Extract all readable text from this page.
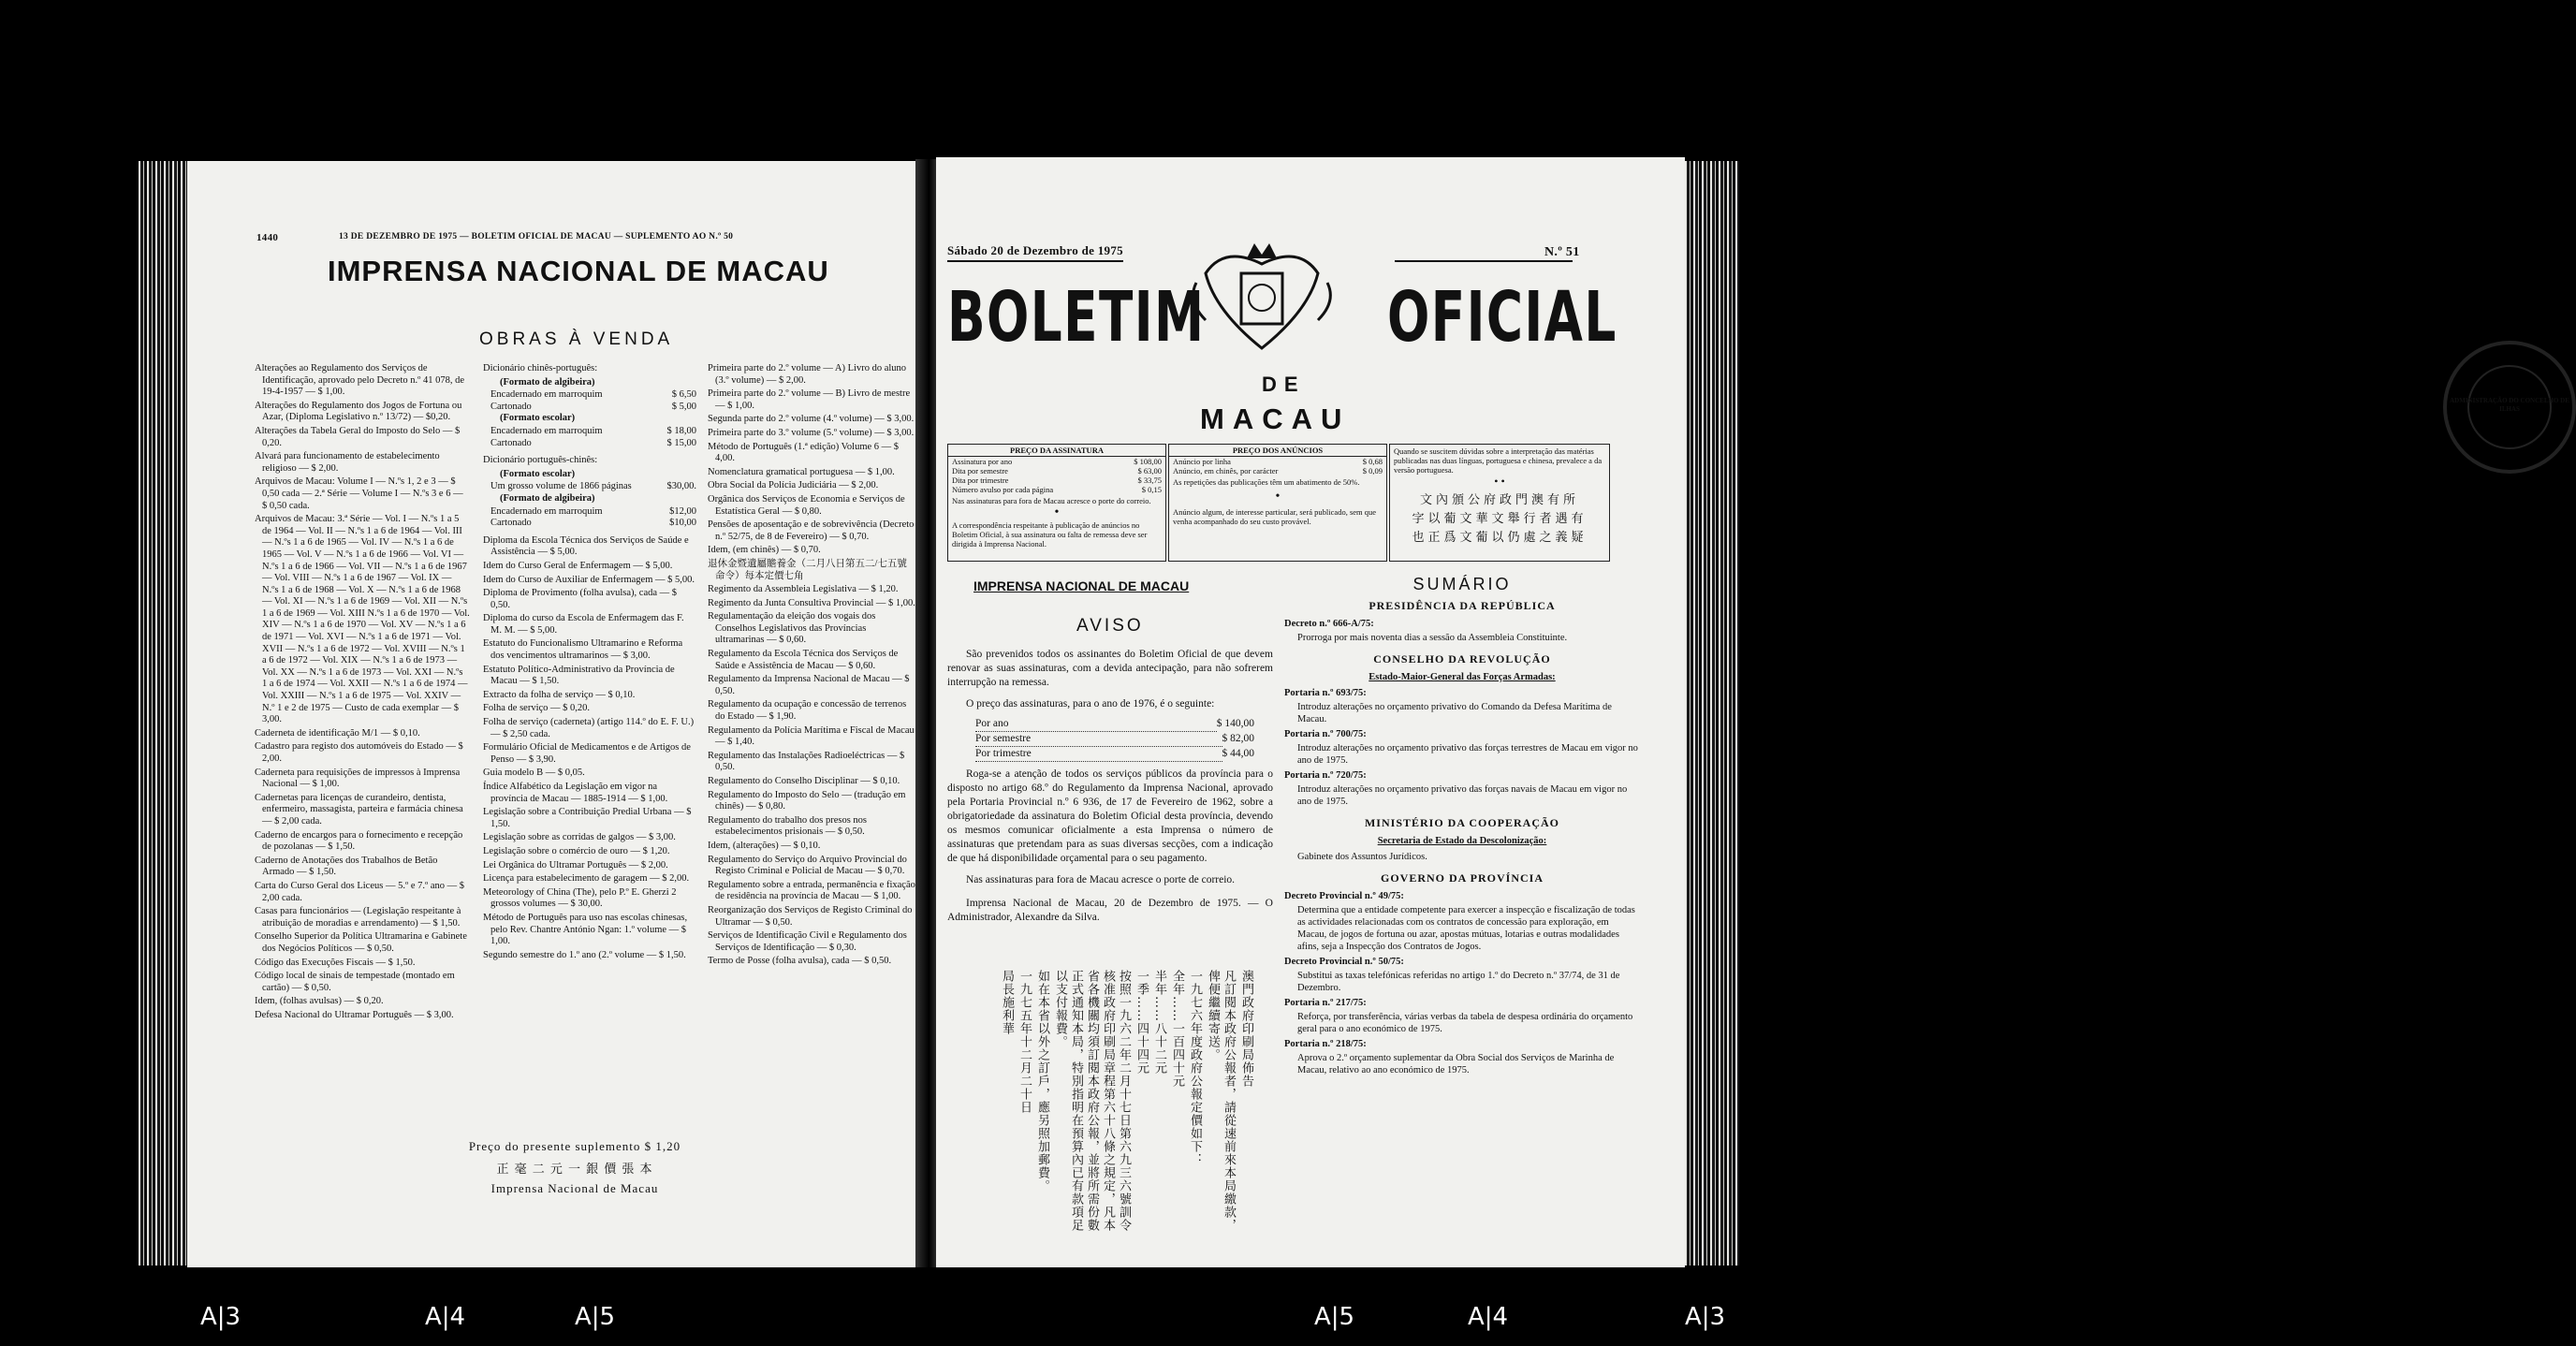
1440	13 DE DEZEMBRO DE 1975 — BOLETIM OFICIAL DE MACAU — SUPLEMENTO AO N.º 50
IMPRENSA NACIONAL DE MACAU
OBRAS À VENDA

Alterações ao Regulamento dos Serviços de Identificação, aprovado pelo Decreto n.º 41 078, de 19-4-1957 — $ 1,00.

Alterações do Regulamento dos Jogos de Fortuna ou Azar, (Diploma Legislativo n.º 13/72) — $0,20.

Alterações da Tabela Geral do Imposto do Selo — $ 0,20.

Alvará para funcionamento de estabelecimento religioso — $ 2,00.

Arquivos de Macau: Volume I — N.ºs 1, 2 e 3 — $ 0,50 cada — 2.ª Série — Volume I — N.ºs 3 e 6 — $ 0,50 cada.

Arquivos de Macau: 3.ª Série — Vol. I — N.ºs 1 a 5 de 1964 — Vol. II — N.ºs 1 a 6 de 1964 — Vol. III — N.ºs 1 a 6 de 1965 — Vol. IV — N.ºs 1 a 6 de 1965 — Vol. V — N.ºs 1 a 6 de 1966 — Vol. VI — N.ºs 1 a 6 de 1966 — Vol. VII — N.ºs 1 a 6 de 1967 — Vol. VIII — N.ºs 1 a 6 de 1967 — Vol. IX — N.ºs 1 a 6 de 1968 — Vol. X — N.ºs 1 a 6 de 1968 — Vol. XI — N.ºs 1 a 6 de 1969 — Vol. XII — N.ºs 1 a 6 de 1969 — Vol. XIII N.ºs 1 a 6 de 1970 — Vol. XIV — N.ºs 1 a 6 de 1970 — Vol. XV — N.ºs 1 a 6 de 1971 — Vol. XVI — N.ºs 1 a 6 de 1971 — Vol. XVII — N.ºs 1 a 6 de 1972 — Vol. XVIII — N.ºs 1 a 6 de 1972 — Vol. XIX — N.ºs 1 a 6 de 1973 — Vol. XX — N.ºs 1 a 6 de 1973 — Vol. XXI — N.ºs 1 a 6 de 1974 — Vol. XXII — N.ºs 1 a 6 de 1974 — Vol. XXIII — N.ºs 1 a 6 de 1975 — Vol. XXIV — N.º 1 e 2 de 1975 — Custo de cada exemplar — $ 3,00.

Caderneta de identificação M/1 — $ 0,10.

Cadastro para registo dos automóveis do Estado — $ 2,00.

Caderneta para requisições de impressos à Imprensa Nacional — $ 1,00.

Cadernetas para licenças de curandeiro, dentista, enfermeiro, massagista, parteira e farmácia chinesa — $ 2,00 cada.

Caderno de encargos para o fornecimento e recepção de pozolanas — $ 1,50.

Caderno de Anotações dos Trabalhos de Betão Armado — $ 1,50.

Carta do Curso Geral dos Liceus — 5.º e 7.º ano — $ 2,00 cada.

Casas para funcionários — (Legislação respeitante à atribuição de moradias e arrendamento) — $ 1,50.

Conselho Superior da Política Ultramarina e Gabinete dos Negócios Políticos — $ 0,50.

Código das Execuções Fiscais — $ 1,50.

Código local de sinais de tempestade (montado em cartão) — $ 0,50.

Idem, (folhas avulsas) — $ 0,20.

Defesa Nacional do Ultramar Português — $ 3,00.

Dicionário chinês-português:

(Formato de algibeira)
Encadernado em marroquim	$ 6,50
Cartonado	$ 5,00
(Formato escolar)
Encadernado em marroquim	$ 18,00
Cartonado	$ 15,00

Dicionário português-chinês:

(Formato escolar)
Um grosso volume de 1866 páginas	$30,00.
(Formato de algibeira)
Encadernado em marroquim	$12,00
Cartonado	$10,00

Diploma da Escola Técnica dos Serviços de Saúde e Assistência — $ 5,00.

Idem do Curso Geral de Enfermagem — $ 5,00.

Idem do Curso de Auxiliar de Enfermagem — $ 5,00.

Diploma de Provimento (folha avulsa), cada — $ 0,50.

Diploma do curso da Escola de Enfermagem das F. M. M. — $ 5,00.

Estatuto do Funcionalismo Ultramarino e Reforma dos vencimentos ultramarinos — $ 3,00.

Estatuto Político-Administrativo da Província de Macau — $ 1,50.

Extracto da folha de serviço — $ 0,10.

Folha de serviço — $ 0,20.

Folha de serviço (caderneta) (artigo 114.º do E. F. U.) — $ 2,50 cada.

Formulário Oficial de Medicamentos e de Artigos de Penso — $ 3,90.

Guia modelo B — $ 0,05.

Índice Alfabético da Legislação em vigor na província de Macau — 1885-1914 — $ 1,00.

Legislação sobre a Contribuição Predial Urbana — $ 1,50.

Legislação sobre as corridas de galgos — $ 3,00.

Legislação sobre o comércio de ouro — $ 1,20.

Lei Orgânica do Ultramar Português — $ 2,00.

Licença para estabelecimento de garagem — $ 2,00.

Meteorology of China (The), pelo P.º E. Gherzi 2 grossos volumes — $ 30,00.

Método de Português para uso nas escolas chinesas, pelo Rev. Chantre António Ngan: 1.º volume — $ 1,00.

Segundo semestre do 1.º ano (2.º volume — $ 1,50.

Primeira parte do 2.º volume — A) Livro do aluno (3.º volume) — $ 2,00.

Primeira parte do 2.º volume — B) Livro de mestre — $ 1,00.

Segunda parte do 2.º volume (4.º volume) — $ 3,00.

Primeira parte do 3.º volume (5.º volume) — $ 3,00.

Método de Português (1.ª edição) Volume 6 — $ 4,00.

Nomenclatura gramatical portuguesa — $ 1,00.

Obra Social da Polícia Judiciária — $ 2,00.

Orgânica dos Serviços de Economia e Serviços de Estatística Geral — $ 0,80.

Pensões de aposentação e de sobrevivência (Decreto n.º 52/75, de 8 de Fevereiro) — $ 0,70.

Idem, (em chinês) — $ 0,70.

退休金暨遺屬贍養金（二月八日第五二/七五號命令）每本定價七角

Regimento da Assembleia Legislativa — $ 1,20.

Regimento da Junta Consultiva Provincial — $ 1,00.

Regulamentação da eleição dos vogais dos Conselhos Legislativos das Províncias ultramarinas — $ 0,60.

Regulamento da Escola Técnica dos Serviços de Saúde e Assistência de Macau — $ 0,60.

Regulamento da Imprensa Nacional de Macau — $ 0,50.

Regulamento da ocupação e concessão de terrenos do Estado — $ 1,90.

Regulamento da Polícia Marítima e Fiscal de Macau — $ 1,40.

Regulamento das Instalações Radioeléctricas — $ 0,50.

Regulamento do Conselho Disciplinar — $ 0,10.

Regulamento do Imposto do Selo — (tradução em chinês) — $ 0,80.

Regulamento do trabalho dos presos nos estabelecimentos prisionais — $ 0,50.

Idem, (alterações) — $ 0,10.

Regulamento do Serviço do Arquivo Provincial do Registo Criminal e Policial de Macau — $ 0,70.

Regulamento sobre a entrada, permanência e fixação de residência na província de Macau — $ 1,00.

Reorganização dos Serviços de Registo Criminal do Ultramar — $ 0,50.

Serviços de Identificação Civil e Regulamento dos Serviços de Identificação — $ 0,30.

Termo de Posse (folha avulsa), cada — $ 0,50.

Preço do presente suplemento $ 1,20
正 毫 二 元 一 銀 價 張 本
Imprensa Nacional de Macau
Sábado 20 de Dezembro de 1975	N.º 51
BOLETIM	OFICIAL
DE
MACAU
PREÇO DA ASSINATURA
Assinatura por ano	$ 108,00
Dita por semestre	$ 63,00
Dita por trimestre	$ 33,75
Número avulso por cada página	$ 0,15

Nas assinaturas para fora de Macau acresce o porte do correio.

•

A correspondência respeitante à publicação de anúncios no Boletim Oficial, à sua assinatura ou falta de remessa deve ser dirigida à Imprensa Nacional.

PREÇO DOS ANÚNCIOS
Anúncio por linha	$ 0,68
Anúncio, em chinês, por carácter	$ 0,09

As repetições das publicações têm um abatimento de 50%.

•

Anúncio algum, de interesse particular, será publicado, sem que venha acompanhado do seu custo provável.

Quando se suscitem dúvidas sobre a interpretação das matérias publicadas nas duas línguas, portuguesa e chinesa, prevalece a da versão portuguesa.

• •
文內頒公府政門澳有所
字以葡文華文舉行者遇有
也正爲文葡以仍處之義疑
IMPRENSA NACIONAL DE MACAU
AVISO

São prevenidos todos os assinantes do Boletim Oficial de que devem renovar as suas assinaturas, com a devida antecipação, para não sofrerem interrupção na remessa.

O preço das assinaturas, para o ano de 1976, é o seguinte:

Por ano	$ 140,00
Por semestre	$ 82,00
Por trimestre	$ 44,00

Roga-se a atenção de todos os serviços públicos da província para o disposto no artigo 68.º do Regulamento da Imprensa Nacional, aprovado pela Portaria Provincial n.º 6 936, de 17 de Fevereiro de 1962, sobre a obrigatoriedade da assinatura do Boletim Oficial desta província, devendo os mesmos comunicar oficialmente a esta Imprensa o número de assinaturas que pretendam para as suas diversas secções, com a indicação de que há disponibilidade orçamental para o seu pagamento.

Nas assinaturas para fora de Macau acresce o porte de correio.

Imprensa Nacional de Macau, 20 de Dezembro de 1975. — O Administrador, Alexandre da Silva.

澳門政府印刷局佈告
凡訂閱本政府公報者，請從速前來本局繳款，俾便繼續寄送。
一九七六年度政府公報定價如下：
全年……一百四十元
半年……八十二元
一季……四十四元
按照一九六二年二月十七日第六九三六號訓令核准政府印刷局章程第六十八條之規定，凡本省各機關均須訂閱本政府公報，並將所需份數正式通知本局，特別指明在預算內已有款項足以支付報費。
如在本省以外之訂戶，應另照加郵費。
一九七五年十二月二十日
局長施利華
SUMÁRIO
PRESIDÊNCIA DA REPÚBLICA
Decreto n.º 666-A/75:
Prorroga por mais noventa dias a sessão da Assembleia Constituinte.
CONSELHO DA REVOLUÇÃO
Estado-Maior-General das Forças Armadas:
Portaria n.º 693/75:
Introduz alterações no orçamento privativo do Comando da Defesa Marítima de Macau.
Portaria n.º 700/75:
Introduz alterações no orçamento privativo das forças terrestres de Macau em vigor no ano de 1975.
Portaria n.º 720/75:
Introduz alterações no orçamento privativo das forças navais de Macau em vigor no ano de 1975.
MINISTÉRIO DA COOPERAÇÃO
Secretaria de Estado da Descolonização:
Gabinete dos Assuntos Jurídicos.
GOVERNO DA PROVÍNCIA
Decreto Provincial n.º 49/75:
Determina que a entidade competente para exercer a inspecção e fiscalização de todas as actividades relacionadas com os contratos de concessão para exploração, em Macau, de jogos de fortuna ou azar, apostas mútuas, lotarias e outras modalidades afins, seja a Inspecção dos Contratos de Jogos.
Decreto Provincial n.º 50/75:
Substitui as taxas telefónicas referidas no artigo 1.º do Decreto n.º 37/74, de 31 de Dezembro.
Portaria n.º 217/75:
Reforça, por transferência, várias verbas da tabela de despesa ordinária do orçamento geral para o ano económico de 1975.
Portaria n.º 218/75:
Aprova o 2.º orçamento suplementar da Obra Social dos Serviços de Marinha de Macau, relativo ao ano económico de 1975.
ADMINISTRAÇÃO DO CONCELHO DE ILHAS
A|3	A|4	A|5	A|5	A|4	A|3
